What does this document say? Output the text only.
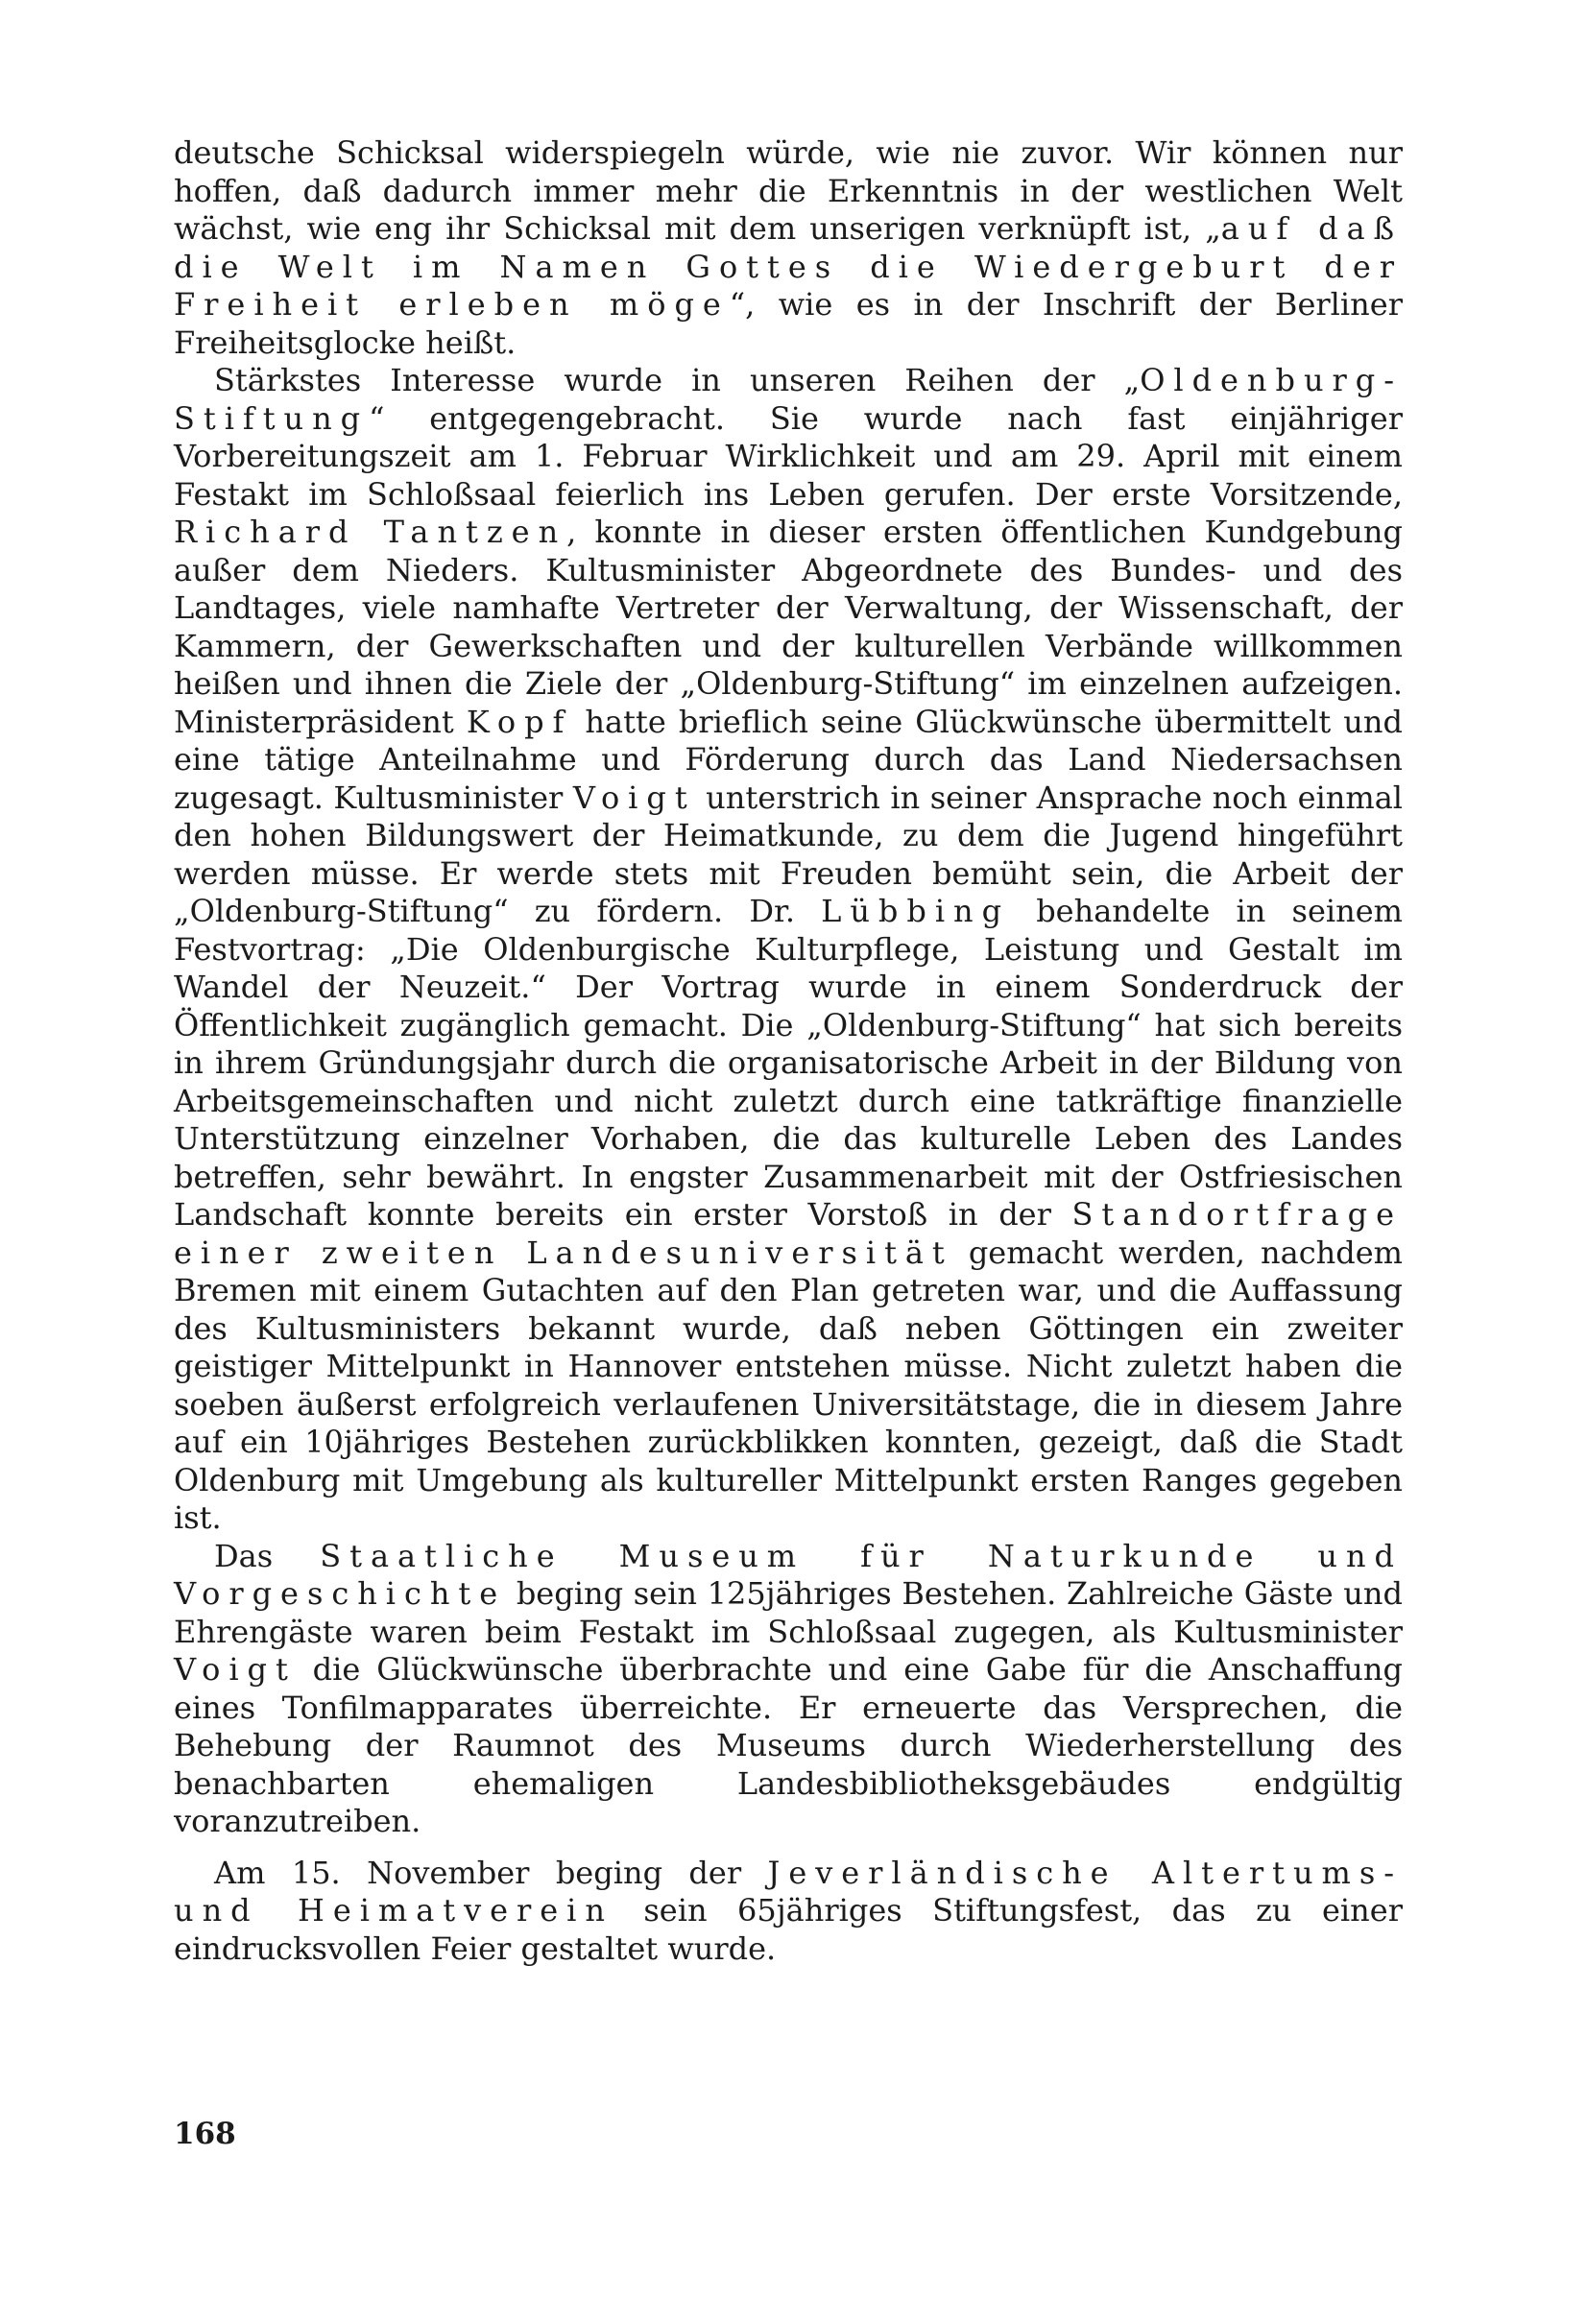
deutsche Schicksal widerspiegeln würde, wie nie zuvor. Wir können nur hoffen, daß dadurch immer mehr die Erkenntnis in der westlichen Welt wächst, wie eng ihr Schicksal mit dem unserigen verknüpft ist, „auf daß die Welt im Namen Gottes die Wiedergeburt der Freiheit erleben möge“, wie es in der Inschrift der Berliner Freiheitsglocke heißt.

Stärkstes Interesse wurde in unseren Reihen der „Oldenburg-Stiftung“ entgegengebracht. Sie wurde nach fast einjähriger Vorbereitungszeit am 1. Februar Wirklichkeit und am 29. April mit einem Festakt im Schloßsaal feierlich ins Leben gerufen. Der erste Vorsitzende, Richard Tantzen, konnte in dieser ersten öffentlichen Kundgebung außer dem Nieders. Kultusminister Abgeordnete des Bundes- und des Landtages, viele namhafte Vertreter der Verwaltung, der Wissenschaft, der Kammern, der Gewerkschaften und der kulturellen Verbände willkommen heißen und ihnen die Ziele der „Oldenburg-Stiftung“ im einzelnen aufzeigen. Ministerpräsident Kopf hatte brieflich seine Glückwünsche übermittelt und eine tätige Anteilnahme und Förderung durch das Land Niedersachsen zugesagt. Kultusminister Voigt unterstrich in seiner Ansprache noch einmal den hohen Bildungswert der Heimatkunde, zu dem die Jugend hingeführt werden müsse. Er werde stets mit Freuden bemüht sein, die Arbeit der „Oldenburg-Stiftung“ zu fördern. Dr. Lübbing behandelte in seinem Festvortrag: „Die Oldenburgische Kulturpflege, Leistung und Gestalt im Wandel der Neuzeit.“ Der Vortrag wurde in einem Sonderdruck der Öffentlichkeit zugänglich gemacht. Die „Oldenburg-Stiftung“ hat sich bereits in ihrem Gründungsjahr durch die organisatorische Arbeit in der Bildung von Arbeitsgemeinschaften und nicht zuletzt durch eine tatkräftige finanzielle Unterstützung einzelner Vorhaben, die das kulturelle Leben des Landes betreffen, sehr bewährt. In engster Zusammenarbeit mit der Ostfriesischen Landschaft konnte bereits ein erster Vorstoß in der Standortfrage einer zweiten Landesuniversität gemacht werden, nachdem Bremen mit einem Gutachten auf den Plan getreten war, und die Auffassung des Kultusministers bekannt wurde, daß neben Göttingen ein zweiter geistiger Mittelpunkt in Hannover entstehen müsse. Nicht zuletzt haben die soeben äußerst erfolgreich verlaufenen Universitätstage, die in diesem Jahre auf ein 10jähriges Bestehen zurückblikken konnten, gezeigt, daß die Stadt Oldenburg mit Umgebung als kultureller Mittelpunkt ersten Ranges gegeben ist.

Das Staatliche Museum für Naturkunde und Vorgeschichte beging sein 125jähriges Bestehen. Zahlreiche Gäste und Ehrengäste waren beim Festakt im Schloßsaal zugegen, als Kultusminister Voigt die Glückwünsche überbrachte und eine Gabe für die Anschaffung eines Tonfilmapparates überreichte. Er erneuerte das Versprechen, die Behebung der Raumnot des Museums durch Wiederherstellung des benachbarten ehemaligen Landesbibliotheksgebäudes endgültig voranzutreiben.

Am 15. November beging der Jeverländische Altertums- und Heimatverein sein 65jähriges Stiftungsfest, das zu einer eindrucksvollen Feier gestaltet wurde.

168
